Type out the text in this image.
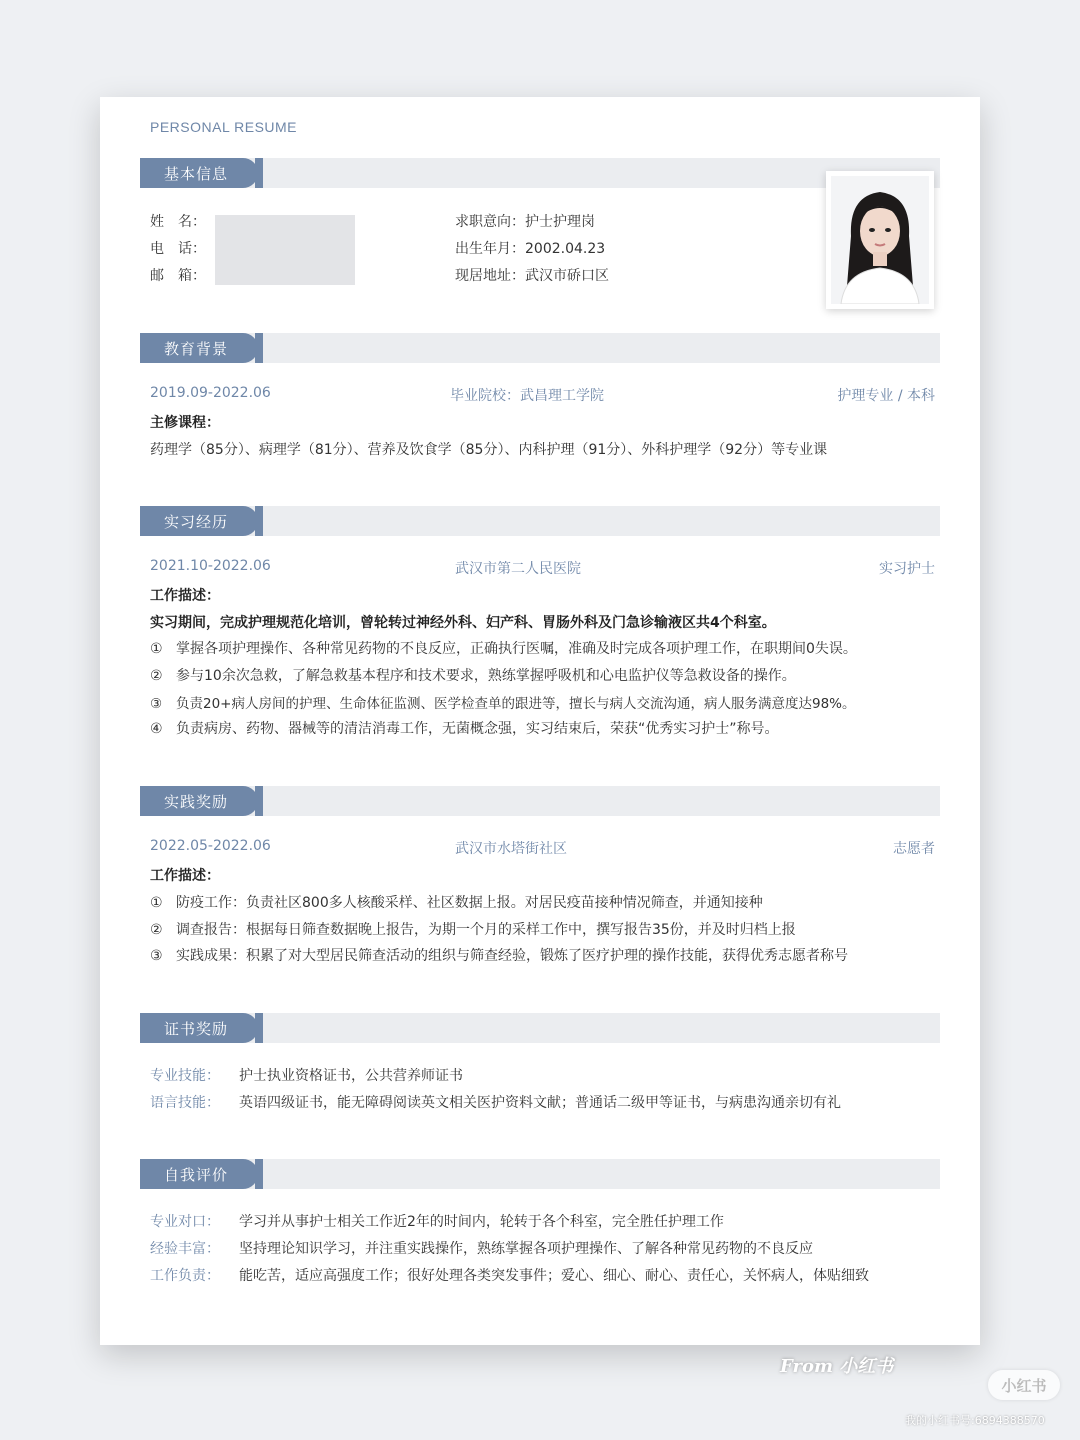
PERSONAL RESUME
基本信息
姓　名：
电　话：
邮　箱：
求职意向：护士护理岗
出生年月：2002.04.23
现居地址：武汉市硚口区
教育背景
2019.09-2022.06	毕业院校：武昌理工学院	护理专业 / 本科
主修课程：
药理学（85分）、病理学（81分）、营养及饮食学（85分）、内科护理（91分）、外科护理学（92分）等专业课
实习经历
2021.10-2022.06	武汉市第二人民医院	实习护士
工作描述：
实习期间，完成护理规范化培训，曾轮转过神经外科、妇产科、胃肠外科及门急诊输液区共4个科室。
① 掌握各项护理操作、各种常见药物的不良反应，正确执行医嘱，准确及时完成各项护理工作，在职期间0失误。
② 参与10余次急救，了解急救基本程序和技术要求，熟练掌握呼吸机和心电监护仪等急救设备的操作。
③ 负责20+病人房间的护理、生命体征监测、医学检查单的跟进等，擅长与病人交流沟通，病人服务满意度达98%。
④ 负责病房、药物、器械等的清洁消毒工作，无菌概念强，实习结束后，荣获“优秀实习护士”称号。
实践奖励
2022.05-2022.06	武汉市水塔街社区	志愿者
工作描述：
① 防疫工作：负责社区800多人核酸采样、社区数据上报。对居民疫苗接种情况筛查，并通知接种
② 调查报告：根据每日筛查数据晚上报告，为期一个月的采样工作中，撰写报告35份，并及时归档上报
③ 实践成果：积累了对大型居民筛查活动的组织与筛查经验，锻炼了医疗护理的操作技能，获得优秀志愿者称号
证书奖励
专业技能： 护士执业资格证书，公共营养师证书
语言技能： 英语四级证书，能无障碍阅读英文相关医护资料文献；普通话二级甲等证书，与病患沟通亲切有礼
自我评价
专业对口： 学习并从事护士相关工作近2年的时间内，轮转于各个科室，完全胜任护理工作
经验丰富： 坚持理论知识学习，并注重实践操作，熟练掌握各项护理操作、了解各种常见药物的不良反应
工作负责： 能吃苦，适应高强度工作；很好处理各类突发事件；爱心、细心、耐心、责任心，关怀病人，体贴细致
From 小红书
小红书
我的小红书号:6894388570
